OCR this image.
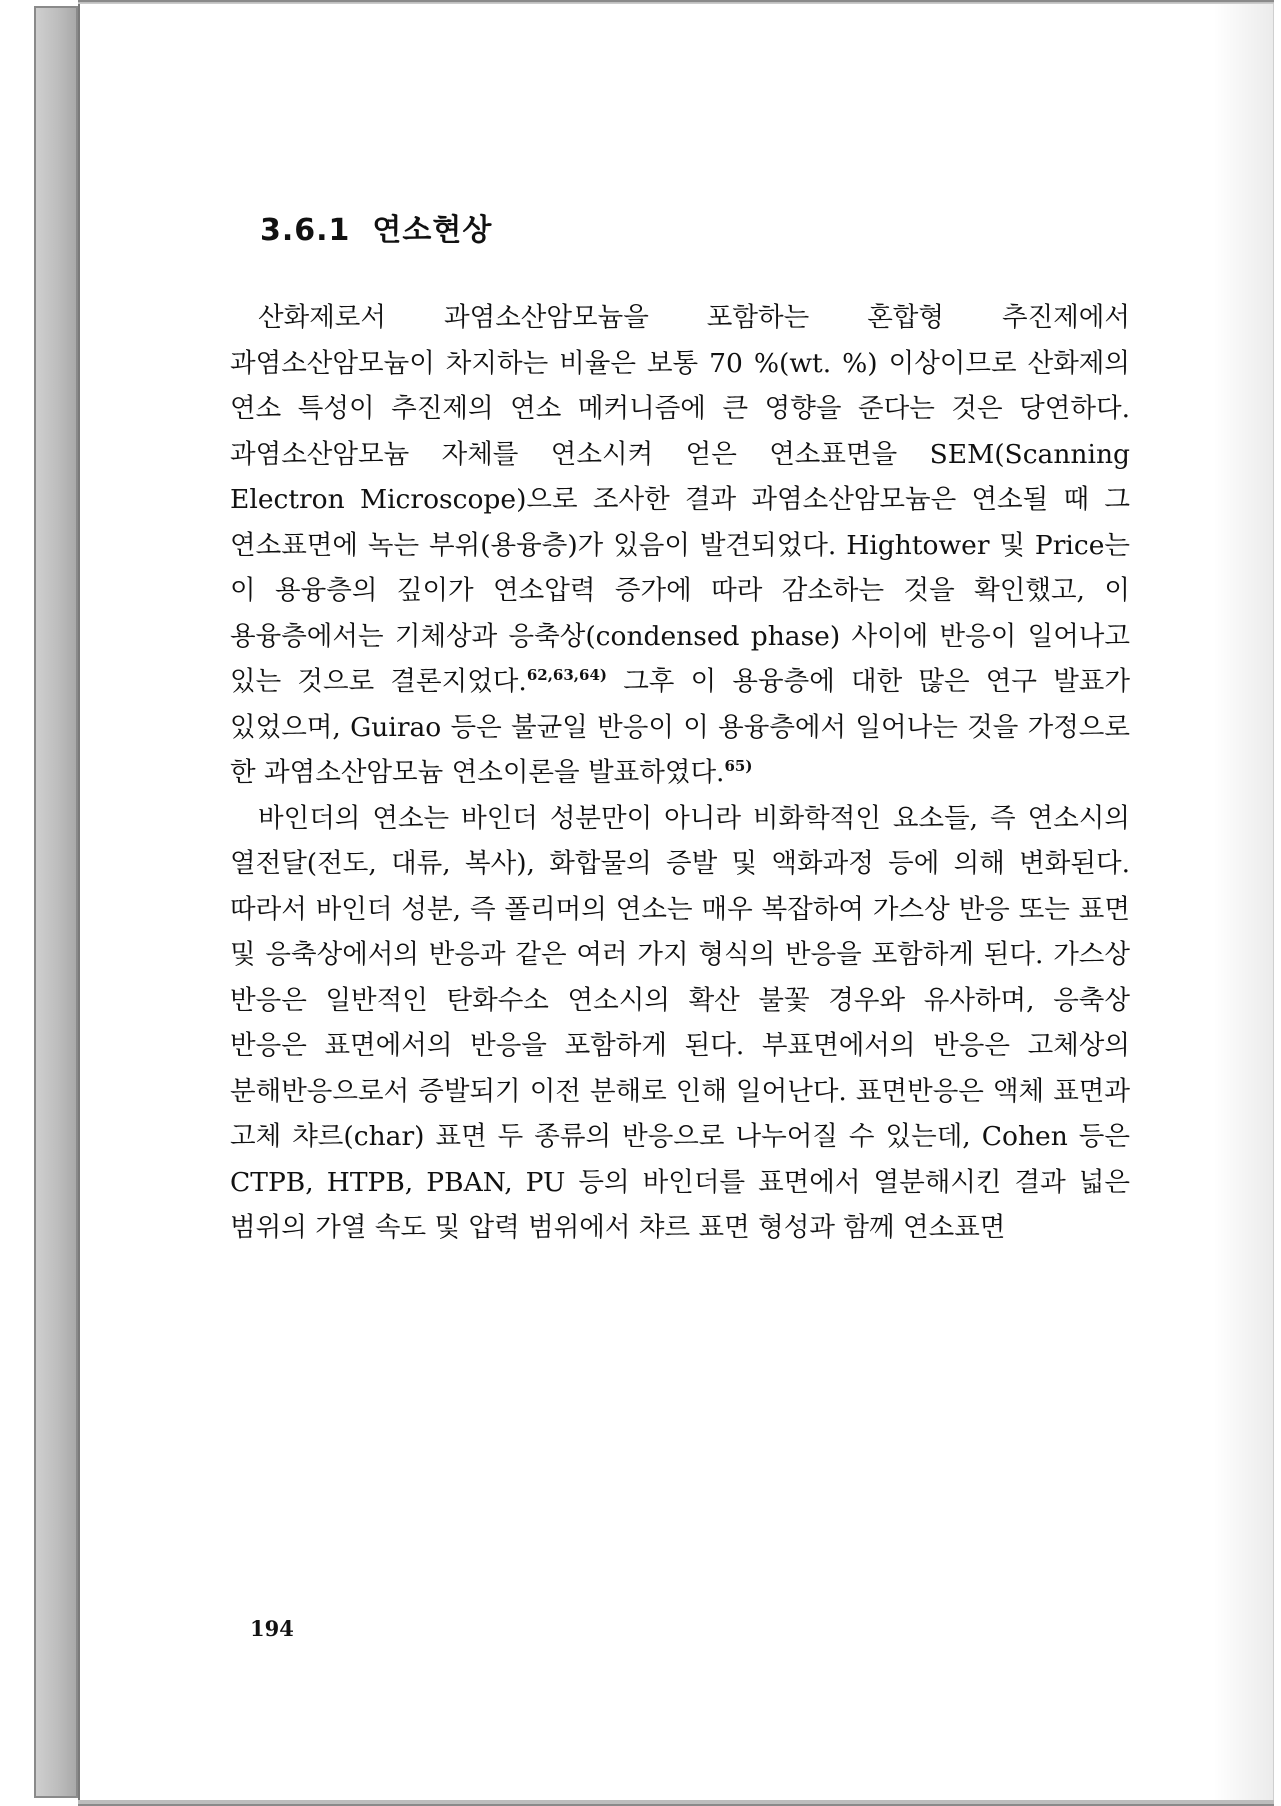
3.6.1 연소현상

산화제로서 과염소산암모늄을 포함하는 혼합형 추진제에서 과염소산암모늄이 차지하는 비율은 보통 70 %(wt. %) 이상이므로 산화제의 연소 특성이 추진제의 연소 메커니즘에 큰 영향을 준다는 것은 당연하다. 과염소산암모늄 자체를 연소시켜 얻은 연소표면을 SEM(Scanning Electron Microscope)으로 조사한 결과 과염소산암모늄은 연소될 때 그 연소표면에 녹는 부위(용융층)가 있음이 발견되었다. Hightower 및 Price는 이 용융층의 깊이가 연소압력 증가에 따라 감소하는 것을 확인했고, 이 용융층에서는 기체상과 응축상(condensed phase) 사이에 반응이 일어나고 있는 것으로 결론지었다.$^{62,63,64)}$ 그후 이 용융층에 대한 많은 연구 발표가 있었으며, Guirao 등은 불균일 반응이 이 용융층에서 일어나는 것을 가정으로 한 과염소산암모늄 연소이론을 발표하였다.$^{65)}$

바인더의 연소는 바인더 성분만이 아니라 비화학적인 요소들, 즉 연소시의 열전달(전도, 대류, 복사), 화합물의 증발 및 액화과정 등에 의해 변화된다. 따라서 바인더 성분, 즉 폴리머의 연소는 매우 복잡하여 가스상 반응 또는 표면 및 응축상에서의 반응과 같은 여러 가지 형식의 반응을 포함하게 된다. 가스상 반응은 일반적인 탄화수소 연소시의 확산 불꽃 경우와 유사하며, 응축상 반응은 표면에서의 반응을 포함하게 된다. 부표면에서의 반응은 고체상의 분해반응으로서 증발되기 이전 분해로 인해 일어난다. 표면반응은 액체 표면과 고체 챠르(char) 표면 두 종류의 반응으로 나누어질 수 있는데, Cohen 등은 CTPB, HTPB, PBAN, PU 등의 바인더를 표면에서 열분해시킨 결과 넓은 범위의 가열 속도 및 압력 범위에서 챠르 표면 형성과 함께 연소표면

194
